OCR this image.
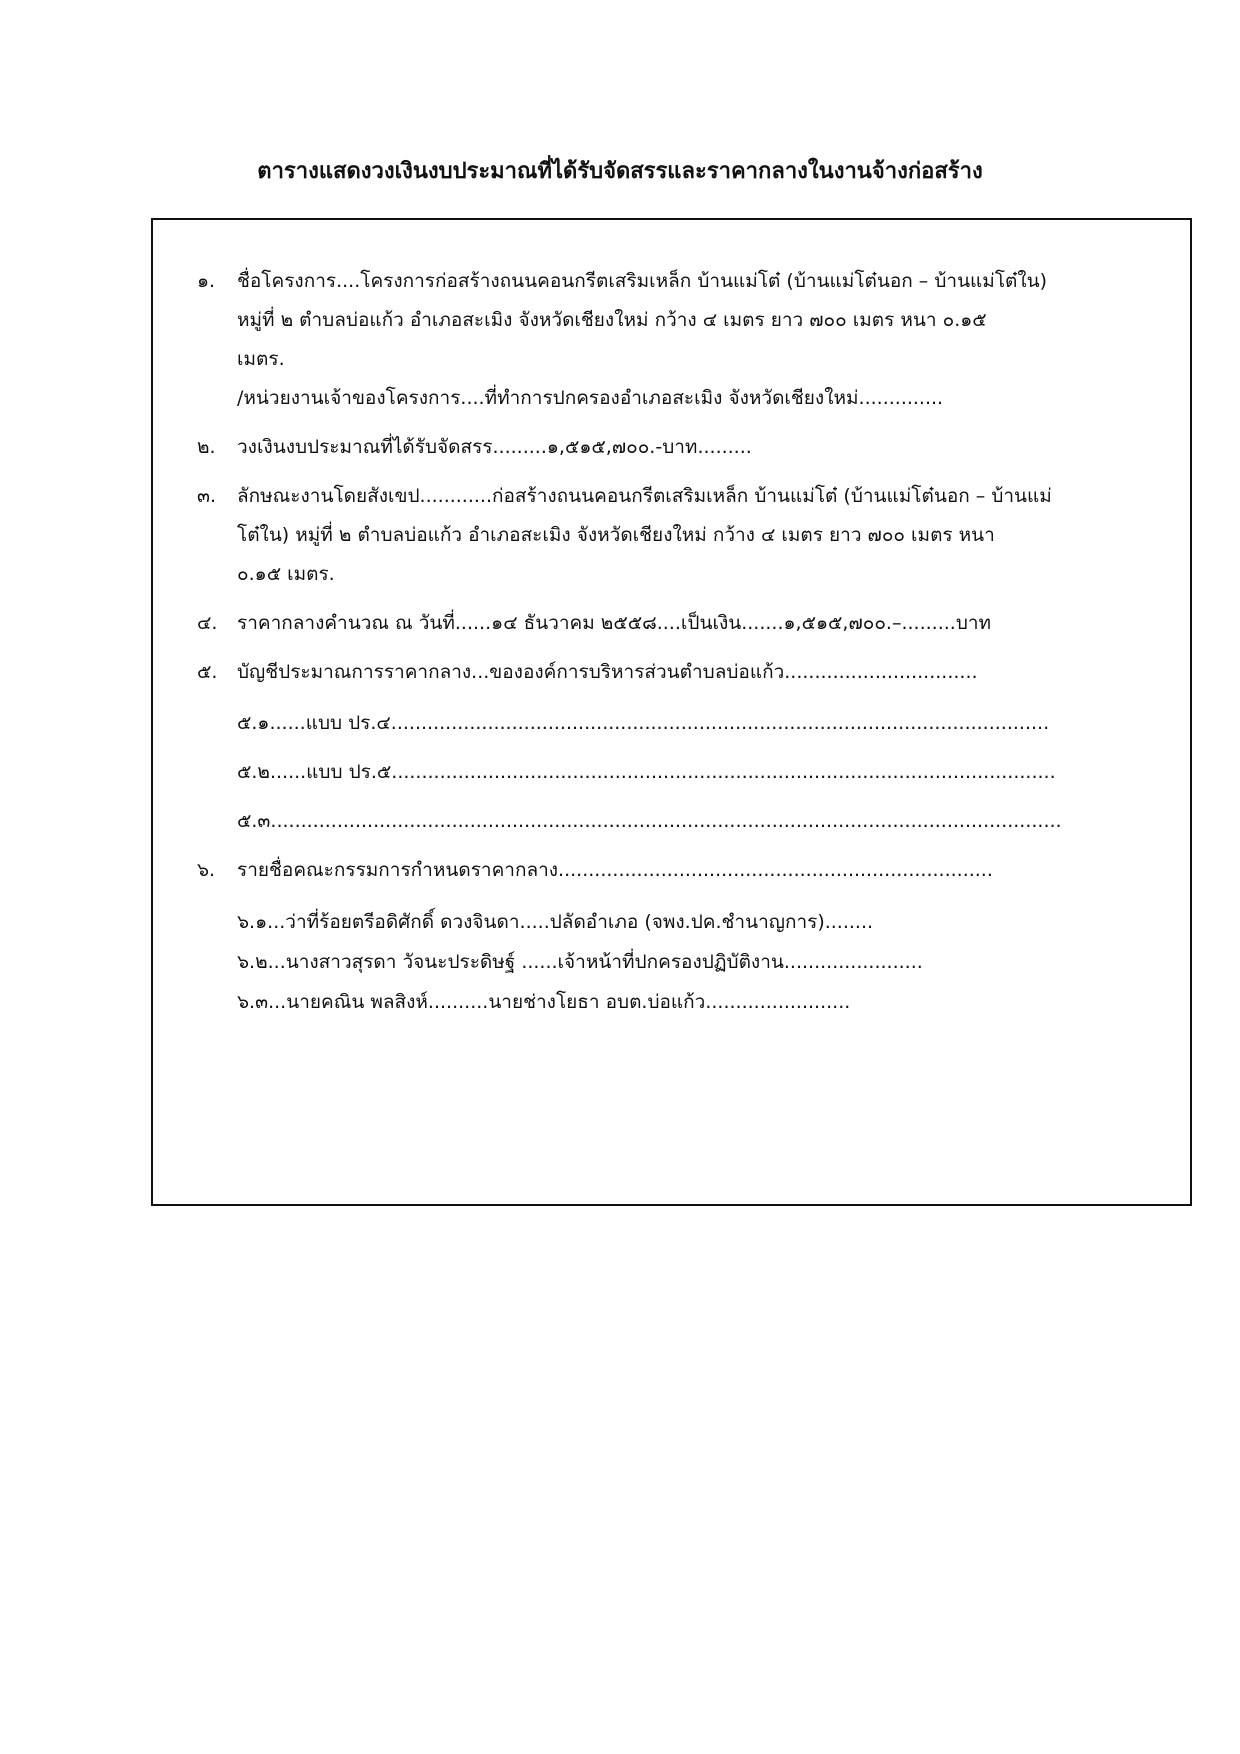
ตารางแสดงวงเงินงบประมาณที่ได้รับจัดสรรและราคากลางในงานจ้างก่อสร้าง
๑.	ชื่อโครงการ....โครงการก่อสร้างถนนคอนกรีตเสริมเหล็ก บ้านแม่โต๋ (บ้านแม่โต๋นอก – บ้านแม่โต๋ใน)
หมู่ที่ ๒ ตำบลบ่อแก้ว อำเภอสะเมิง จังหวัดเชียงใหม่ กว้าง ๔ เมตร ยาว ๗๐๐ เมตร หนา ๐.๑๕
เมตร.
/หน่วยงานเจ้าของโครงการ....ที่ทำการปกครองอำเภอสะเมิง จังหวัดเชียงใหม่..............
๒.	วงเงินงบประมาณที่ได้รับจัดสรร.........๑,๕๑๕,๗๐๐.-บาท.........
๓.	ลักษณะงานโดยสังเขป............ก่อสร้างถนนคอนกรีตเสริมเหล็ก บ้านแม่โต๋ (บ้านแม่โต๋นอก – บ้านแม่
โต๋ใน) หมู่ที่ ๒ ตำบลบ่อแก้ว อำเภอสะเมิง จังหวัดเชียงใหม่ กว้าง ๔ เมตร ยาว ๗๐๐ เมตร หนา
๐.๑๕ เมตร.
๔.	ราคากลางคำนวณ ณ วันที่......๑๔ ธันวาคม ๒๕๕๘....เป็นเงิน.......๑,๕๑๕,๗๐๐.–.........บาท
๕.	บัญชีประมาณการราคากลาง...ขององค์การบริหารส่วนตำบลบ่อแก้ว................................
๕.๑......แบบ ปร.๔.............................................................................................................
๕.๒......แบบ ปร.๕..............................................................................................................
๕.๓...................................................................................................................................
๖.	รายชื่อคณะกรรมการกำหนดราคากลาง........................................................................
๖.๑...ว่าที่ร้อยตรีอดิศักดิ์ ดวงจินดา.....ปลัดอำเภอ (จพง.ปค.ชำนาญการ)........
๖.๒...นางสาวสุรดา วัจนะประดิษฐ์ ......เจ้าหน้าที่ปกครองปฏิบัติงาน.......................
๖.๓...นายคณิน พลสิงห์..........นายช่างโยธา อบต.บ่อแก้ว........................
